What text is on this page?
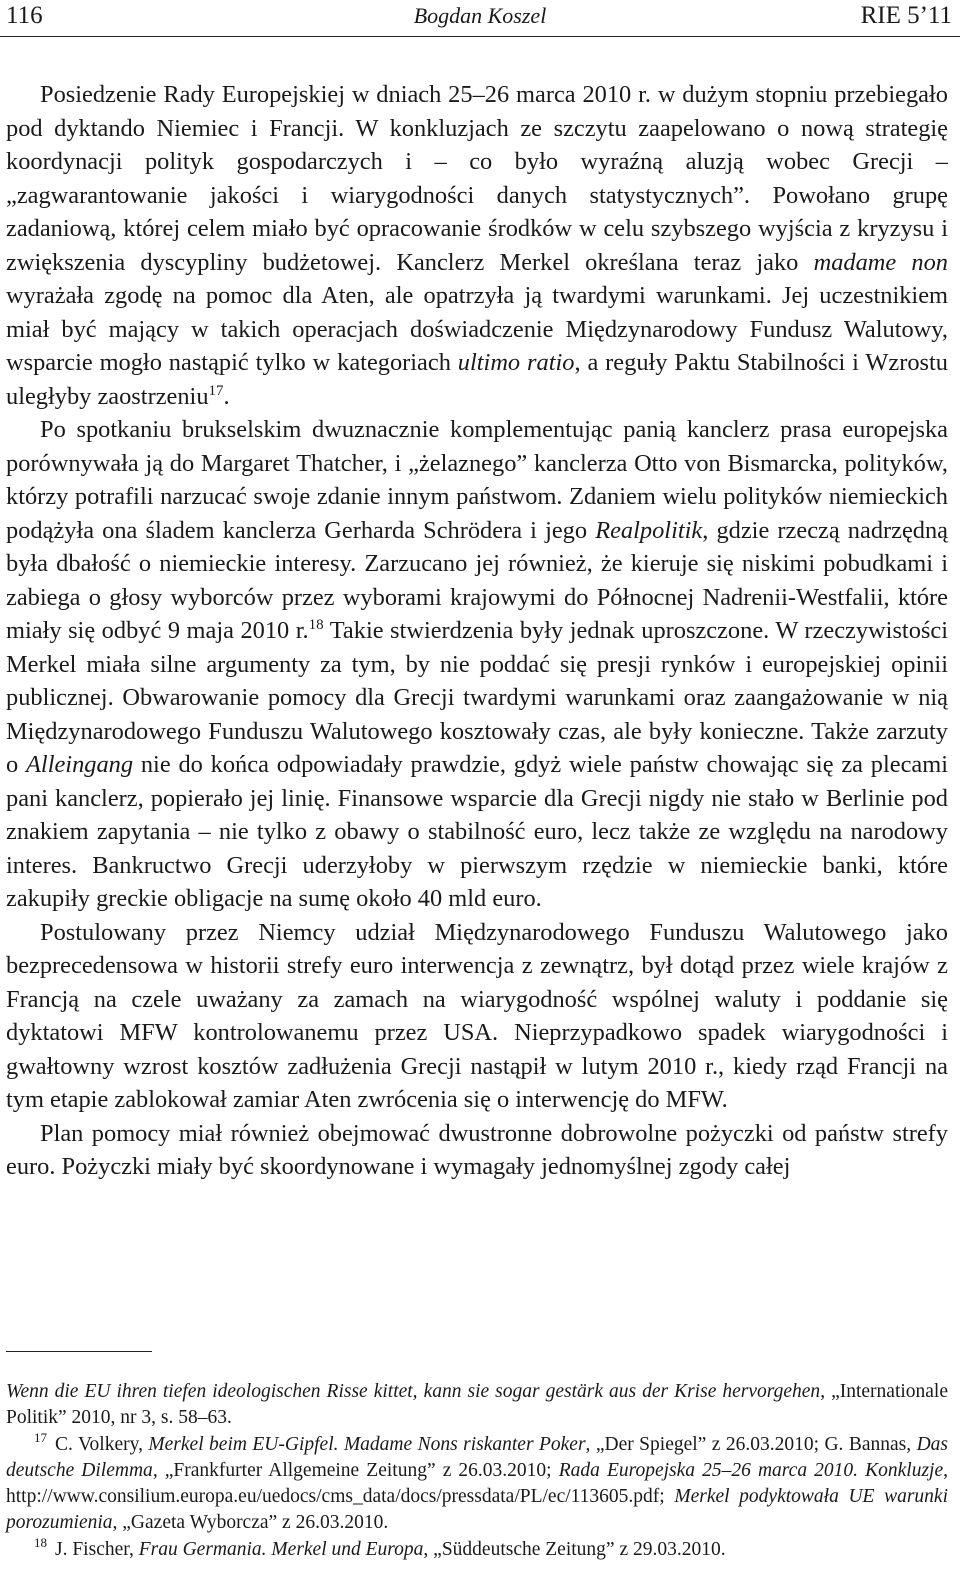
116	Bogdan Koszel	RIE 5’11

Posiedzenie Rady Europejskiej w dniach 25–26 marca 2010 r. w dużym stopniu przebiegało pod dyktando Niemiec i Francji. W konkluzjach ze szczytu zaapelowano o nową strategię koordynacji polityk gospodarczych i – co było wyraźną aluzją wobec Grecji – „zagwarantowanie jakości i wiarygodności danych statystycznych”. Powołano grupę zadaniową, której celem miało być opracowanie środków w celu szybszego wyjścia z kryzysu i zwiększenia dyscypliny budżetowej. Kanclerz Merkel określana teraz jako madame non wyrażała zgodę na pomoc dla Aten, ale opatrzyła ją twardymi warunkami. Jej uczestnikiem miał być mający w takich operacjach doświadczenie Międzynarodowy Fundusz Walutowy, wsparcie mogło nastąpić tylko w kategoriach ultimo ratio, a reguły Paktu Stabilności i Wzrostu uległyby zaostrzeniu$^{17}$.

Po spotkaniu brukselskim dwuznacznie komplementując panią kanclerz prasa europejska porównywała ją do Margaret Thatcher, i „żelaznego” kanclerza Otto von Bismarcka, polityków, którzy potrafili narzucać swoje zdanie innym państwom. Zdaniem wielu polityków niemieckich podążyła ona śladem kanclerza Gerharda Schrödera i jego Realpolitik, gdzie rzeczą nadrzędną była dbałość o niemieckie interesy. Zarzucano jej również, że kieruje się niskimi pobudkami i zabiega o głosy wyborców przez wyborami krajowymi do Północnej Nadrenii-Westfalii, które miały się odbyć 9 maja 2010 r.$^{18}$ Takie stwierdzenia były jednak uproszczone. W rzeczywistości Merkel miała silne argumenty za tym, by nie poddać się presji rynków i europejskiej opinii publicznej. Obwarowanie pomocy dla Grecji twardymi warunkami oraz zaangażowanie w nią Międzynarodowego Funduszu Walutowego kosztowały czas, ale były konieczne. Także zarzuty o Alleingang nie do końca odpowiadały prawdzie, gdyż wiele państw chowając się za plecami pani kanclerz, popierało jej linię. Finansowe wsparcie dla Grecji nigdy nie stało w Berlinie pod znakiem zapytania – nie tylko z obawy o stabilność euro, lecz także ze względu na narodowy interes. Bankructwo Grecji uderzyłoby w pierwszym rzędzie w niemieckie banki, które zakupiły greckie obligacje na sumę około 40 mld euro.

Postulowany przez Niemcy udział Międzynarodowego Funduszu Walutowego jako bezprecedensowa w historii strefy euro interwencja z zewnątrz, był dotąd przez wiele krajów z Francją na czele uważany za zamach na wiarygodność wspólnej waluty i poddanie się dyktatowi MFW kontrolowanemu przez USA. Nieprzypadkowo spadek wiarygodności i gwałtowny wzrost kosztów zadłużenia Grecji nastąpił w lutym 2010 r., kiedy rząd Francji na tym etapie zablokował zamiar Aten zwrócenia się o interwencję do MFW.

Plan pomocy miał również obejmować dwustronne dobrowolne pożyczki od państw strefy euro. Pożyczki miały być skoordynowane i wymagały jednomyślnej zgody całej

Wenn die EU ihren tiefen ideologischen Risse kittet, kann sie sogar gestärk aus der Krise hervorgehen, „Internationale Politik” 2010, nr 3, s. 58–63.

$^{17}$ C. Volkery, Merkel beim EU-Gipfel. Madame Nons riskanter Poker, „Der Spiegel” z 26.03.2010; G. Bannas, Das deutsche Dilemma, „Frankfurter Allgemeine Zeitung” z 26.03.2010; Rada Europejska 25–26 marca 2010. Konkluzje, http://www.consilium.europa.eu/uedocs/cms_data/docs/pressdata/PL/ec/113605.pdf; Merkel podyktowała UE warunki porozumienia, „Gazeta Wyborcza” z 26.03.2010.

$^{18}$ J. Fischer, Frau Germania. Merkel und Europa, „Süddeutsche Zeitung” z 29.03.2010.
